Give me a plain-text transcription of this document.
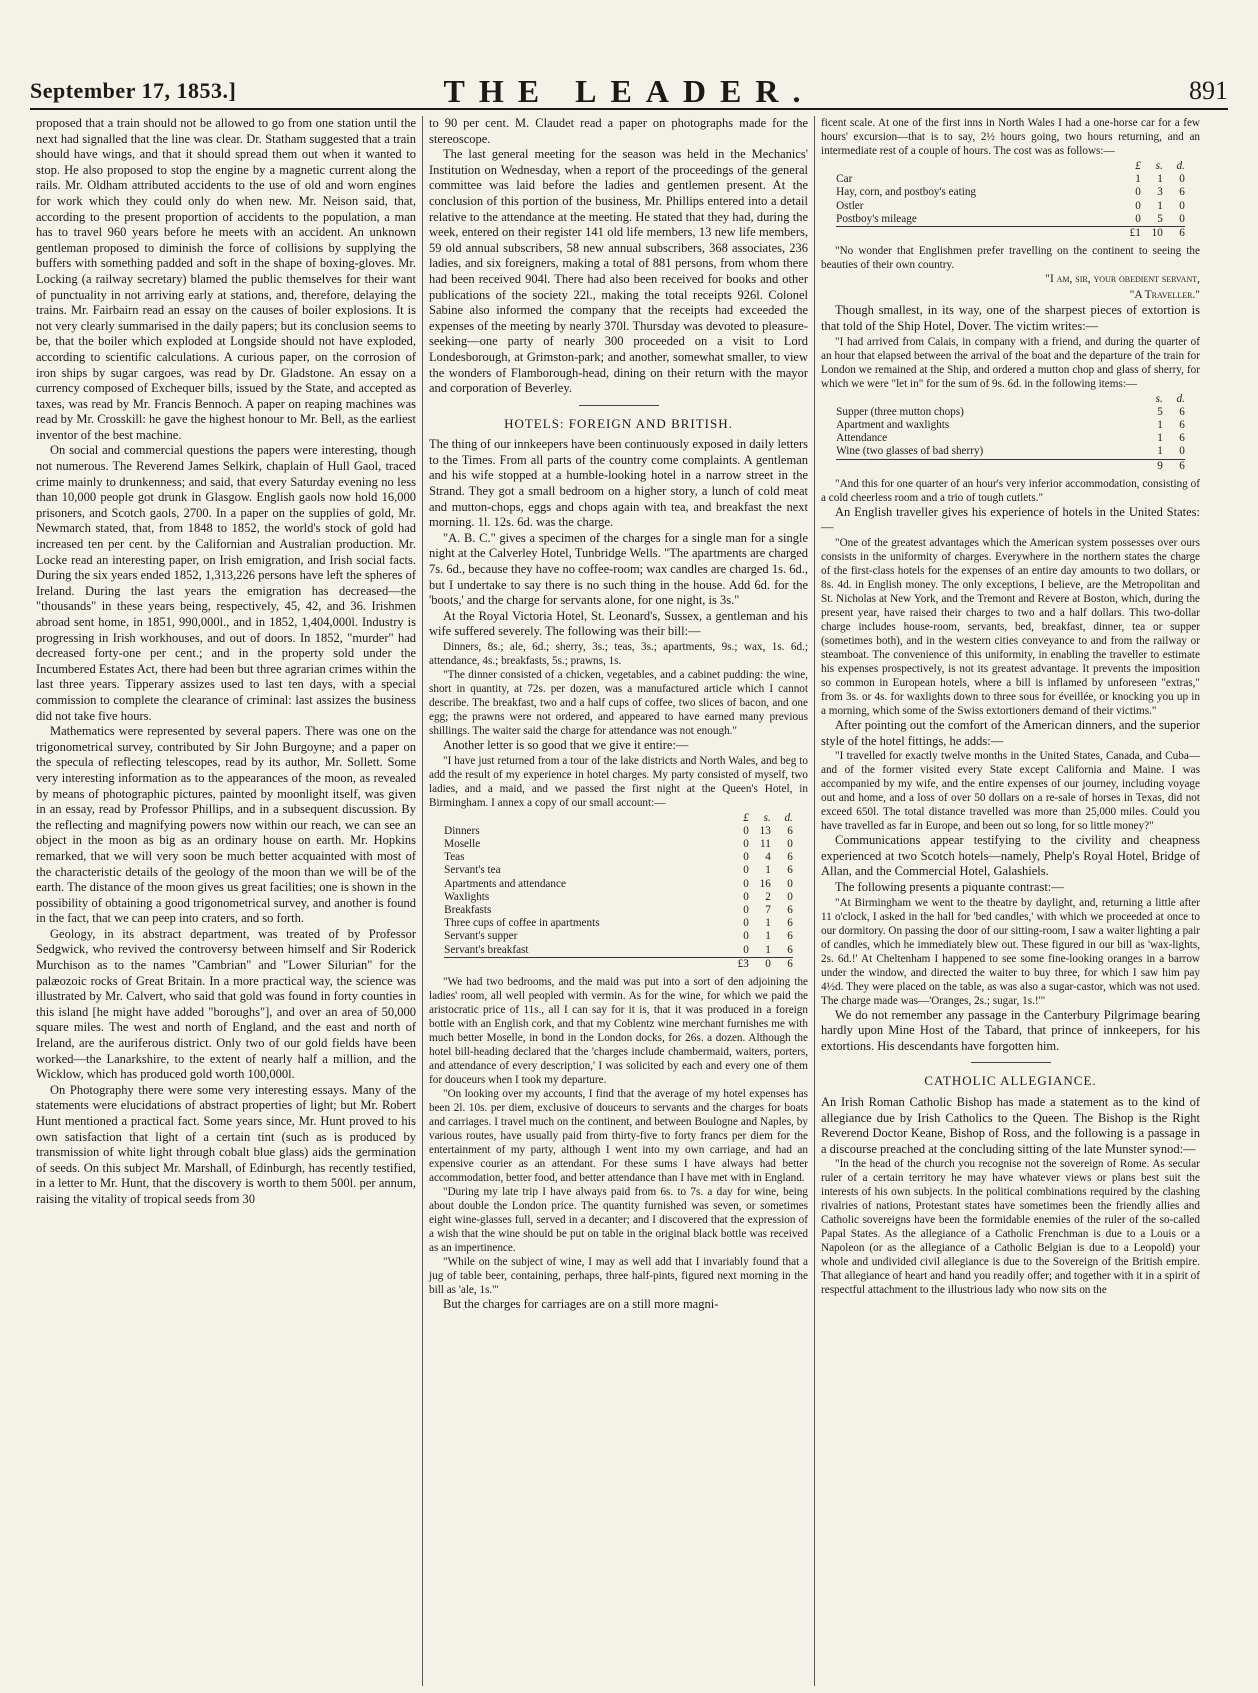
September 17, 1853.]	THE LEADER.	891

proposed that a train should not be allowed to go from one station until the next had signalled that the line was clear. Dr. Statham suggested that a train should have wings, and that it should spread them out when it wanted to stop. He also proposed to stop the engine by a magnetic current along the rails. Mr. Oldham attributed accidents to the use of old and worn engines for work which they could only do when new. Mr. Neison said, that, according to the present proportion of accidents to the population, a man has to travel 960 years before he meets with an accident. An unknown gentleman proposed to diminish the force of collisions by supplying the buffers with something padded and soft in the shape of boxing-gloves. Mr. Locking (a railway secretary) blamed the public themselves for their want of punctuality in not arriving early at stations, and, therefore, delaying the trains. Mr. Fairbairn read an essay on the causes of boiler explosions. It is not very clearly summarised in the daily papers; but its conclusion seems to be, that the boiler which exploded at Longside should not have exploded, according to scientific calculations. A curious paper, on the corrosion of iron ships by sugar cargoes, was read by Dr. Gladstone. An essay on a currency composed of Exchequer bills, issued by the State, and accepted as taxes, was read by Mr. Francis Bennoch. A paper on reaping machines was read by Mr. Crosskill: he gave the highest honour to Mr. Bell, as the earliest inventor of the best machine.

On social and commercial questions the papers were interesting, though not numerous. The Reverend James Selkirk, chaplain of Hull Gaol, traced crime mainly to drunkenness; and said, that every Saturday evening no less than 10,000 people got drunk in Glasgow. English gaols now hold 16,000 prisoners, and Scotch gaols, 2700. In a paper on the supplies of gold, Mr. Newmarch stated, that, from 1848 to 1852, the world's stock of gold had increased ten per cent. by the Californian and Australian production. Mr. Locke read an interesting paper, on Irish emigration, and Irish social facts. During the six years ended 1852, 1,313,226 persons have left the spheres of Ireland. During the last years the emigration has decreased—the "thousands" in these years being, respectively, 45, 42, and 36. Irishmen abroad sent home, in 1851, 990,000l., and in 1852, 1,404,000l. Industry is progressing in Irish workhouses, and out of doors. In 1852, "murder" had decreased forty-one per cent.; and in the property sold under the Incumbered Estates Act, there had been but three agrarian crimes within the last three years. Tipperary assizes used to last ten days, with a special commission to complete the clearance of criminal: last assizes the business did not take five hours.

Mathematics were represented by several papers. There was one on the trigonometrical survey, contributed by Sir John Burgoyne; and a paper on the specula of reflecting telescopes, read by its author, Mr. Sollett. Some very interesting information as to the appearances of the moon, as revealed by means of photographic pictures, painted by moonlight itself, was given in an essay, read by Professor Phillips, and in a subsequent discussion. By the reflecting and magnifying powers now within our reach, we can see an object in the moon as big as an ordinary house on earth. Mr. Hopkins remarked, that we will very soon be much better acquainted with most of the characteristic details of the geology of the moon than we will be of the earth. The distance of the moon gives us great facilities; one is shown in the possibility of obtaining a good trigonometrical survey, and another is found in the fact, that we can peep into craters, and so forth.

Geology, in its abstract department, was treated of by Professor Sedgwick, who revived the controversy between himself and Sir Roderick Murchison as to the names "Cambrian" and "Lower Silurian" for the palæozoic rocks of Great Britain. In a more practical way, the science was illustrated by Mr. Calvert, who said that gold was found in forty counties in this island [he might have added "boroughs"], and over an area of 50,000 square miles. The west and north of England, and the east and north of Ireland, are the auriferous district. Only two of our gold fields have been worked—the Lanarkshire, to the extent of nearly half a million, and the Wicklow, which has produced gold worth 100,000l.

On Photography there were some very interesting essays. Many of the statements were elucidations of abstract properties of light; but Mr. Robert Hunt mentioned a practical fact. Some years since, Mr. Hunt proved to his own satisfaction that light of a certain tint (such as is produced by transmission of white light through cobalt blue glass) aids the germination of seeds. On this subject Mr. Marshall, of Edinburgh, has recently testified, in a letter to Mr. Hunt, that the discovery is worth to them 500l. per annum, raising the vitality of tropical seeds from 30

to 90 per cent. M. Claudet read a paper on photographs made for the stereoscope.

The last general meeting for the season was held in the Mechanics' Institution on Wednesday, when a report of the proceedings of the general committee was laid before the ladies and gentlemen present. At the conclusion of this portion of the business, Mr. Phillips entered into a detail relative to the attendance at the meeting. He stated that they had, during the week, entered on their register 141 old life members, 13 new life members, 59 old annual subscribers, 58 new annual subscribers, 368 associates, 236 ladies, and six foreigners, making a total of 881 persons, from whom there had been received 904l. There had also been received for books and other publications of the society 22l., making the total receipts 926l. Colonel Sabine also informed the company that the receipts had exceeded the expenses of the meeting by nearly 370l. Thursday was devoted to pleasure-seeking—one party of nearly 300 proceeded on a visit to Lord Londesborough, at Grimston-park; and another, somewhat smaller, to view the wonders of Flamborough-head, dining on their return with the mayor and corporation of Beverley.

HOTELS: FOREIGN AND BRITISH.

The thing of our innkeepers have been continuously exposed in daily letters to the Times. From all parts of the country come complaints. A gentleman and his wife stopped at a humble-looking hotel in a narrow street in the Strand. They got a small bedroom on a higher story, a lunch of cold meat and mutton-chops, eggs and chops again with tea, and breakfast the next morning. 1l. 12s. 6d. was the charge.

"A. B. C." gives a specimen of the charges for a single man for a single night at the Calverley Hotel, Tunbridge Wells. "The apartments are charged 7s. 6d., because they have no coffee-room; wax candles are charged 1s. 6d., but I undertake to say there is no such thing in the house. Add 6d. for the 'boots,' and the charge for servants alone, for one night, is 3s."

At the Royal Victoria Hotel, St. Leonard's, Sussex, a gentleman and his wife suffered severely. The following was their bill:—

Dinners, 8s.; ale, 6d.; sherry, 3s.; teas, 3s.; apartments, 9s.; wax, 1s. 6d.; attendance, 4s.; breakfasts, 5s.; prawns, 1s.

"The dinner consisted of a chicken, vegetables, and a cabinet pudding: the wine, short in quantity, at 72s. per dozen, was a manufactured article which I cannot describe. The breakfast, two and a half cups of coffee, two slices of bacon, and one egg; the prawns were not ordered, and appeared to have earned many previous shillings. The waiter said the charge for attendance was not enough."

Another letter is so good that we give it entire:—

"I have just returned from a tour of the lake districts and North Wales, and beg to add the result of my experience in hotel charges. My party consisted of myself, two ladies, and a maid, and we passed the first night at the Queen's Hotel, in Birmingham. I annex a copy of our small account:—

	£	s.	d.
Dinners	0	13	6
Moselle	0	11	0
Teas	0	4	6
Servant's tea	0	1	6
Apartments and attendance	0	16	0
Waxlights	0	2	0
Breakfasts	0	7	6
Three cups of coffee in apartments	0	1	6
Servant's supper	0	1	6
Servant's breakfast	0	1	6
	£3	0	6

"We had two bedrooms, and the maid was put into a sort of den adjoining the ladies' room, all well peopled with vermin. As for the wine, for which we paid the aristocratic price of 11s., all I can say for it is, that it was produced in a foreign bottle with an English cork, and that my Coblentz wine merchant furnishes me with much better Moselle, in bond in the London docks, for 26s. a dozen. Although the hotel bill-heading declared that the 'charges include chambermaid, waiters, porters, and attendance of every description,' I was solicited by each and every one of them for douceurs when I took my departure.

"On looking over my accounts, I find that the average of my hotel expenses has been 2l. 10s. per diem, exclusive of douceurs to servants and the charges for boats and carriages. I travel much on the continent, and between Boulogne and Naples, by various routes, have usually paid from thirty-five to forty francs per diem for the entertainment of my party, although I went into my own carriage, and had an expensive courier as an attendant. For these sums I have always had better accommodation, better food, and better attendance than I have met with in England.

"During my late trip I have always paid from 6s. to 7s. a day for wine, being about double the London price. The quantity furnished was seven, or sometimes eight wine-glasses full, served in a decanter; and I discovered that the expression of a wish that the wine should be put on table in the original black bottle was received as an impertinence.

"While on the subject of wine, I may as well add that I invariably found that a jug of table beer, containing, perhaps, three half-pints, figured next morning in the bill as 'ale, 1s.'"

But the charges for carriages are on a still more magni-

ficent scale. At one of the first inns in North Wales I had a one-horse car for a few hours' excursion—that is to say, 2½ hours going, two hours returning, and an intermediate rest of a couple of hours. The cost was as follows:—

	£	s.	d.
Car	1	1	0
Hay, corn, and postboy's eating	0	3	6
Ostler	0	1	0
Postboy's mileage	0	5	0
	£1	10	6

"No wonder that Englishmen prefer travelling on the continent to seeing the beauties of their own country.

"I am, sir, your obedient servant,
"A Traveller."

Though smallest, in its way, one of the sharpest pieces of extortion is that told of the Ship Hotel, Dover. The victim writes:—

"I had arrived from Calais, in company with a friend, and during the quarter of an hour that elapsed between the arrival of the boat and the departure of the train for London we remained at the Ship, and ordered a mutton chop and glass of sherry, for which we were "let in" for the sum of 9s. 6d. in the following items:—

	s.	d.
Supper (three mutton chops)	5	6
Apartment and waxlights	1	6
Attendance	1	6
Wine (two glasses of bad sherry)	1	0
	9	6

"And this for one quarter of an hour's very inferior accommodation, consisting of a cold cheerless room and a trio of tough cutlets."

An English traveller gives his experience of hotels in the United States:—

"One of the greatest advantages which the American system possesses over ours consists in the uniformity of charges. Everywhere in the northern states the charge of the first-class hotels for the expenses of an entire day amounts to two dollars, or 8s. 4d. in English money. The only exceptions, I believe, are the Metropolitan and St. Nicholas at New York, and the Tremont and Revere at Boston, which, during the present year, have raised their charges to two and a half dollars. This two-dollar charge includes house-room, servants, bed, breakfast, dinner, tea or supper (sometimes both), and in the western cities conveyance to and from the railway or steamboat. The convenience of this uniformity, in enabling the traveller to estimate his expenses prospectively, is not its greatest advantage. It prevents the imposition so common in European hotels, where a bill is inflamed by unforeseen "extras," from 3s. or 4s. for waxlights down to three sous for éveillée, or knocking you up in a morning, which some of the Swiss extortioners demand of their victims."

After pointing out the comfort of the American dinners, and the superior style of the hotel fittings, he adds:—

"I travelled for exactly twelve months in the United States, Canada, and Cuba—and of the former visited every State except California and Maine. I was accompanied by my wife, and the entire expenses of our journey, including voyage out and home, and a loss of over 50 dollars on a re-sale of horses in Texas, did not exceed 650l. The total distance travelled was more than 25,000 miles. Could you have travelled as far in Europe, and been out so long, for so little money?"

Communications appear testifying to the civility and cheapness experienced at two Scotch hotels—namely, Phelp's Royal Hotel, Bridge of Allan, and the Commercial Hotel, Galashiels.

The following presents a piquante contrast:—

"At Birmingham we went to the theatre by daylight, and, returning a little after 11 o'clock, I asked in the hall for 'bed candles,' with which we proceeded at once to our dormitory. On passing the door of our sitting-room, I saw a waiter lighting a pair of candles, which he immediately blew out. These figured in our bill as 'wax-lights, 2s. 6d.!' At Cheltenham I happened to see some fine-looking oranges in a barrow under the window, and directed the waiter to buy three, for which I saw him pay 4½d. They were placed on the table, as was also a sugar-castor, which was not used. The charge made was—'Oranges, 2s.; sugar, 1s.!'"

We do not remember any passage in the Canterbury Pilgrimage bearing hardly upon Mine Host of the Tabard, that prince of innkeepers, for his extortions. His descendants have forgotten him.

CATHOLIC ALLEGIANCE.

An Irish Roman Catholic Bishop has made a statement as to the kind of allegiance due by Irish Catholics to the Queen. The Bishop is the Right Reverend Doctor Keane, Bishop of Ross, and the following is a passage in a discourse preached at the concluding sitting of the late Munster synod:—

"In the head of the church you recognise not the sovereign of Rome. As secular ruler of a certain territory he may have whatever views or plans best suit the interests of his own subjects. In the political combinations required by the clashing rivalries of nations, Protestant states have sometimes been the friendly allies and Catholic sovereigns have been the formidable enemies of the ruler of the so-called Papal States. As the allegiance of a Catholic Frenchman is due to a Louis or a Napoleon (or as the allegiance of a Catholic Belgian is due to a Leopold) your whole and undivided civil allegiance is due to the Sovereign of the British empire. That allegiance of heart and hand you readily offer; and together with it in a spirit of respectful attachment to the illustrious lady who now sits on the
